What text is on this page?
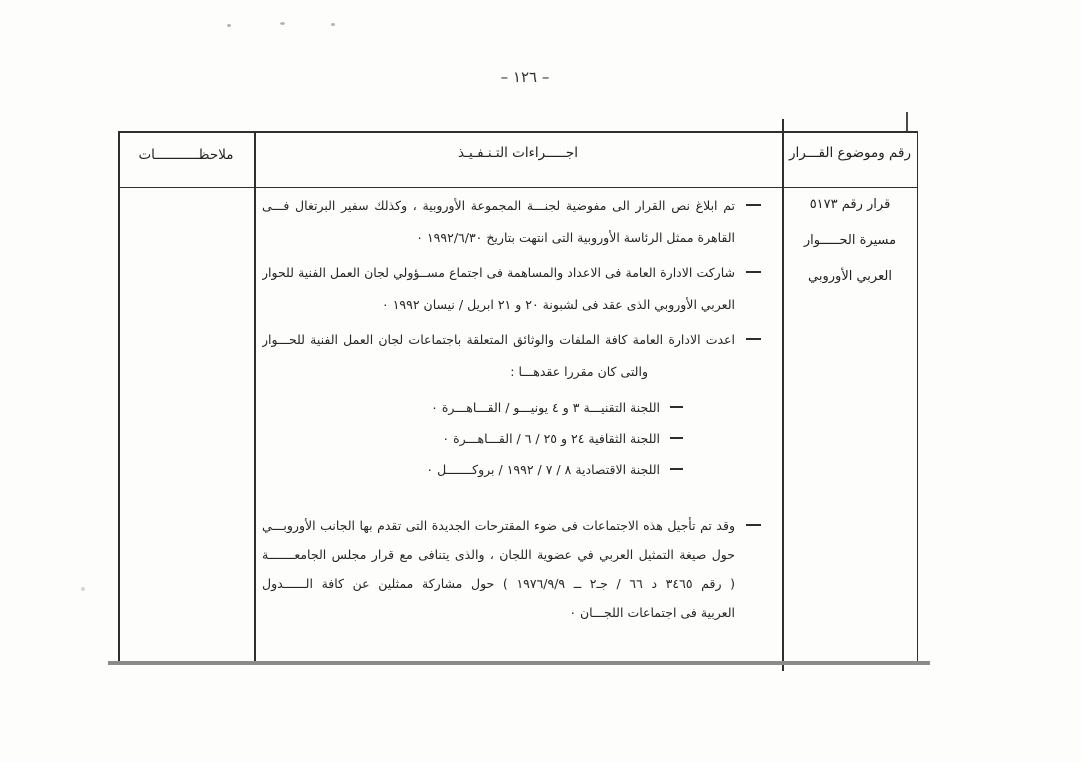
– ١٢٦ –
ملاحظـــــــــــات	اجـــــراءات التـنـفـيـذ	رقم وموضوع القـــرار
قرار رقم ٥١٧٣
مسيرة الحـــــوار
العربي الأوروبي
تم ابلاغ نص القرار الى مفوضية لجنـــة المجموعة الأوروبية ، وكذلك سفير البرتغال فـــى
القاهرة ممثل الرئاسة الأوروبية التى انتهت بتاريخ ١٩٩٢/٦/٣٠ ٠
شاركت الادارة العامة فى الاعداد والمساهمة فى اجتماع مســؤولي لجان العمل الفنية للحوار
العربي الأوروبي الذى عقد فى لشبونة ٢٠ و ٢١ ابريل / نيسان ١٩٩٢ ٠
اعدت الادارة العامة كافة الملفات والوثائق المتعلقة باجتماعات لجان العمل الفنية للحـــوار
والتى كان مقررا عقدهـــا :
اللجنة التقنيـــة ٣ و ٤ يونيـــو / القـــاهـــرة ٠
اللجنة الثقافية ٢٤ و ٢٥ / ٦ / القـــاهـــرة ٠
اللجنة الاقتصادية ٨ / ٧ / ١٩٩٢ / بروكـــــــل ٠
وقد تم تأجيل هذه الاجتماعات فى ضوء المقترحات الجديدة التى تقدم بها الجانب الأوروبـــي
حول صيغة التمثيل العربي في عضوية اللجان ، والذى يتنافى مع قرار مجلس الجامعـــــــة
( رقم ٣٤٦٥ د ٦٦ / جـ٢ ــ ١٩٧٦/٩/٩ ) حول مشاركة ممثلين عن كافة الــــــدول
العربية فى اجتماعات اللجـــان ٠
